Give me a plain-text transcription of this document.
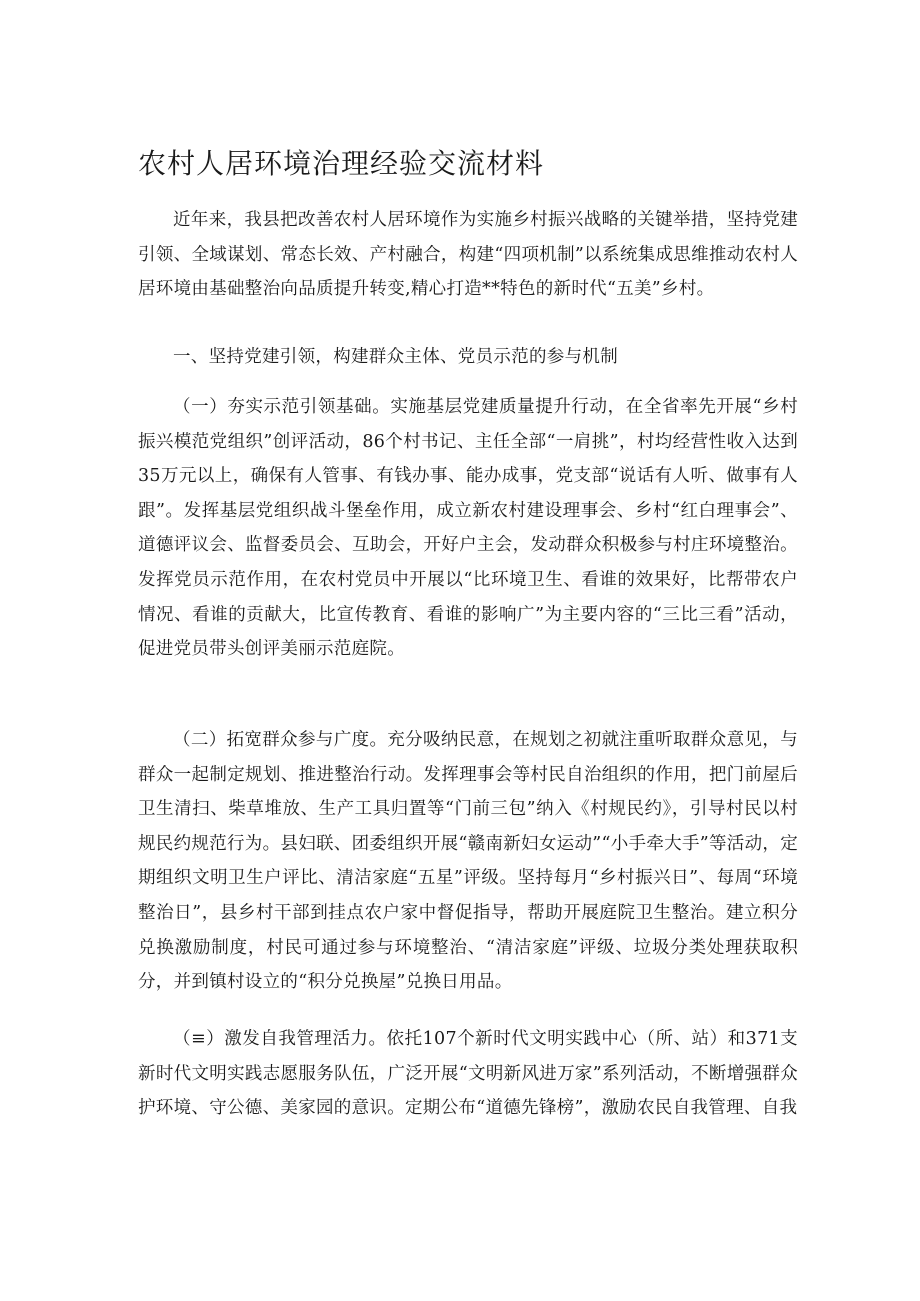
农村人居环境治理经验交流材料

近年来，我县把改善农村人居环境作为实施乡村振兴战略的关键举措，坚持党建引领、全域谋划、常态长效、产村融合，构建“四项机制”以系统集成思维推动农村人居环境由基础整治向品质提升转变,精心打造**特色的新时代“五美”乡村。

一、坚持党建引领，构建群众主体、党员示范的参与机制

（一）夯实示范引领基础。实施基层党建质量提升行动，在全省率先开展“乡村振兴模范党组织”创评活动，86个村书记、主任全部“一肩挑”，村均经营性收入达到35万元以上，确保有人管事、有钱办事、能办成事，党支部“说话有人听、做事有人跟”。发挥基层党组织战斗堡垒作用，成立新农村建设理事会、乡村“红白理事会”、道德评议会、监督委员会、互助会，开好户主会，发动群众积极参与村庄环境整治。发挥党员示范作用，在农村党员中开展以“比环境卫生、看谁的效果好，比帮带农户情况、看谁的贡献大，比宣传教育、看谁的影响广”为主要内容的“三比三看”活动，促进党员带头创评美丽示范庭院。

（二）拓宽群众参与广度。充分吸纳民意，在规划之初就注重听取群众意见，与群众一起制定规划、推进整治行动。发挥理事会等村民自治组织的作用，把门前屋后卫生清扫、柴草堆放、生产工具归置等“门前三包”纳入《村规民约》，引导村民以村规民约规范行为。县妇联、团委组织开展“赣南新妇女运动”“小手牵大手”等活动，定期组织文明卫生户评比、清洁家庭“五星”评级。坚持每月“乡村振兴日”、每周“环境整治日”，县乡村干部到挂点农户家中督促指导，帮助开展庭院卫生整治。建立积分兑换激励制度，村民可通过参与环境整治、“清洁家庭”评级、垃圾分类处理获取积分，并到镇村设立的“积分兑换屋”兑换日用品。

（≡）激发自我管理活力。依托107个新时代文明实践中心（所、站）和371支新时代文明实践志愿服务队伍，广泛开展“文明新风进万家”系列活动，不断增强群众护环境、守公德、美家园的意识。定期公布“道德先锋榜”，激励农民自我管理、自我
